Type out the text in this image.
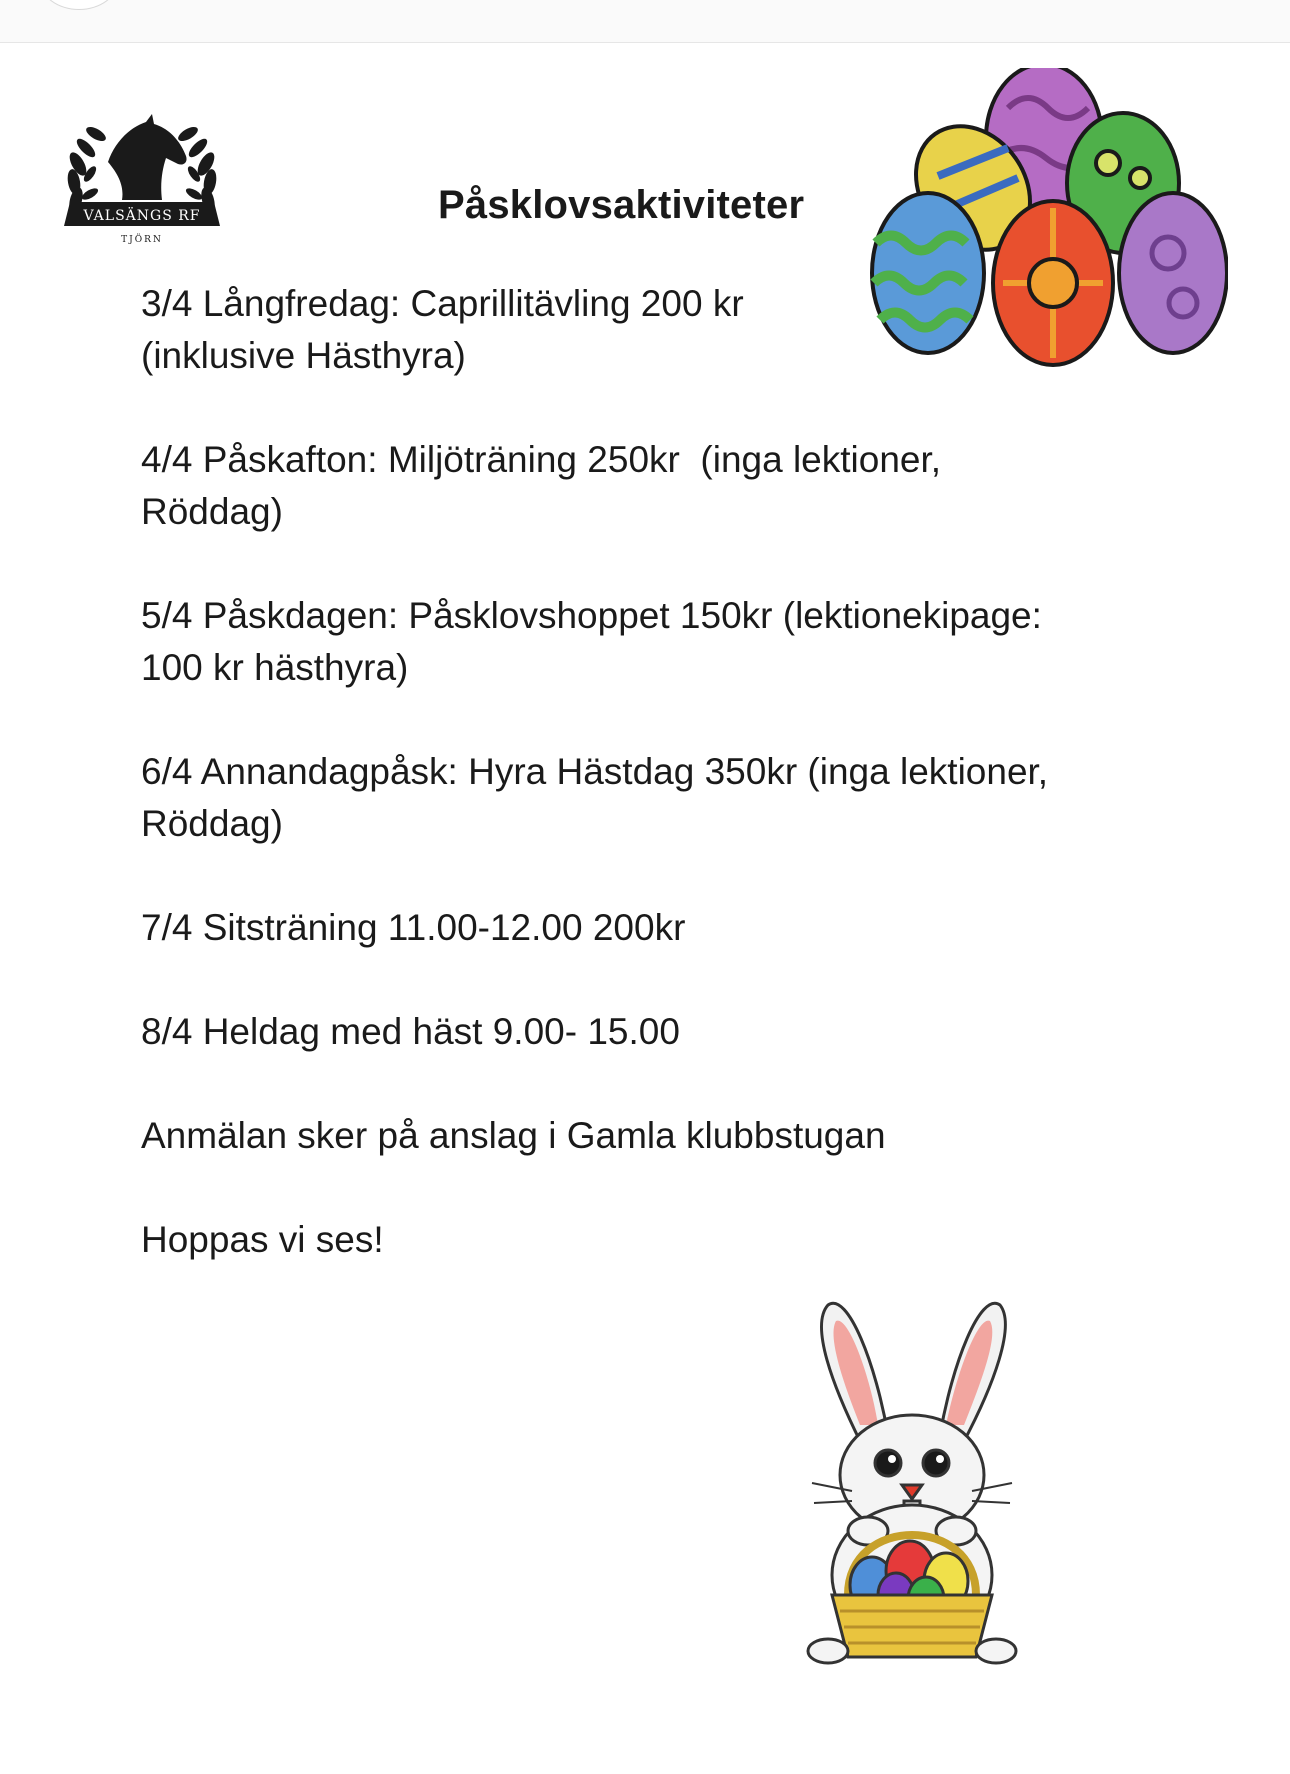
VALSÄNGS RF
TJÖRN
Påsklovsaktiviteter
3/4 Långfredag: Caprillitävling 200 kr
(inklusive Hästhyra)
4/4 Påskafton: Miljöträning 250kr  (inga lektioner,
Röddag)
5/4 Påskdagen: Påsklovshoppet 150kr (lektionekipage:
100 kr hästhyra)
6/4 Annandagpåsk: Hyra Hästdag 350kr (inga lektioner,
Röddag)
7/4 Sitsträning 11.00-12.00 200kr
8/4 Heldag med häst 9.00- 15.00
Anmälan sker på anslag i Gamla klubbstugan
Hoppas vi ses!
